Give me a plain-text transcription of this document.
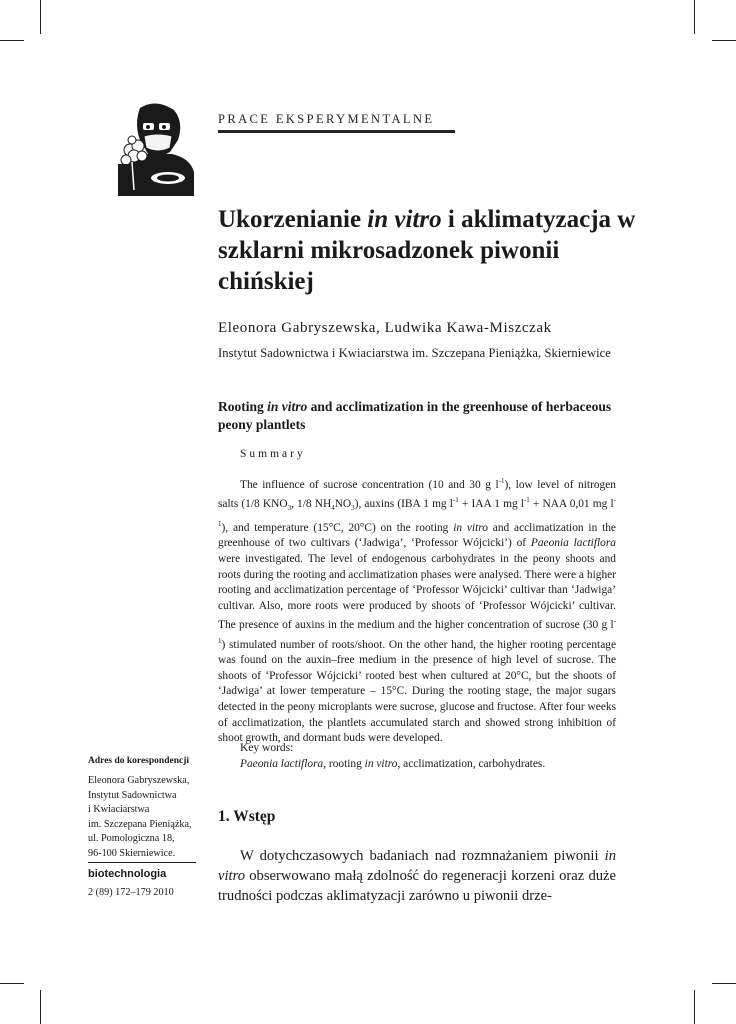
PRACE EKSPERYMENTALNE
Ukorzenianie in vitro i aklimatyzacja w szklarni mikrosadzonek piwonii chińskiej
Eleonora Gabryszewska, Ludwika Kawa-Miszczak
Instytut Sadownictwa i Kwiaciarstwa im. Szczepana Pieniążka, Skierniewice
Rooting in vitro and acclimatization in the greenhouse of herbaceous peony plantlets
Summary

The influence of sucrose concentration (10 and 30 g $l^{-1}$), low level of nitrogen salts (1/8 $KNO_3$, 1/8 $NH_4NO_3$), auxins (IBA 1 mg $l^{-1}$ + IAA 1 mg $l^{-1}$ + NAA 0,01 mg $l^{-1}$), and temperature (15°C, 20°C) on the rooting in vitro and acclimatization in the greenhouse of two cultivars (‘Jadwiga’, ‘Professor Wójcicki’) of Paeonia lactiflora were investigated. The level of endogenous carbohydrates in the peony shoots and roots during the rooting and acclimatization phases were analysed. There were a higher rooting and acclimatization percentage of ‘Professor Wójcicki’ cultivar than ‘Jadwiga’ cultivar. Also, more roots were produced by shoots of ‘Professor Wójcicki’ cultivar. The presence of auxins in the medium and the higher concentration of sucrose (30 g $l^{-1}$) stimulated number of roots/shoot. On the other hand, the higher rooting percentage was found on the auxin–free medium in the presence of high level of sucrose. The shoots of ‘Professor Wójcicki’ rooted best when cultured at 20°C, but the shoots of ‘Jadwiga’ at lower temperature – 15°C. During the rooting stage, the major sugars detected in the peony microplants were sucrose, glucose and fructose. After four weeks of acclimatization, the plantlets accumulated starch and showed strong inhibition of shoot growth, and dormant buds were developed.

Key words:
Paeonia lactiflora, rooting in vitro, acclimatization, carbohydrates.
Adres do korespondencji
Eleonora Gabryszewska,
Instytut Sadownictwa
i Kwiaciarstwa
im. Szczepana Pieniążka,
ul. Pomologiczna 18,
96-100 Skierniewice.
biotechnologia
2 (89) 172–179 2010
1. Wstęp

W dotychczasowych badaniach nad rozmnażaniem piwonii in vitro obserwowano małą zdolność do regeneracji korzeni oraz duże trudności podczas aklimatyzacji zarówno u piwonii drze-
